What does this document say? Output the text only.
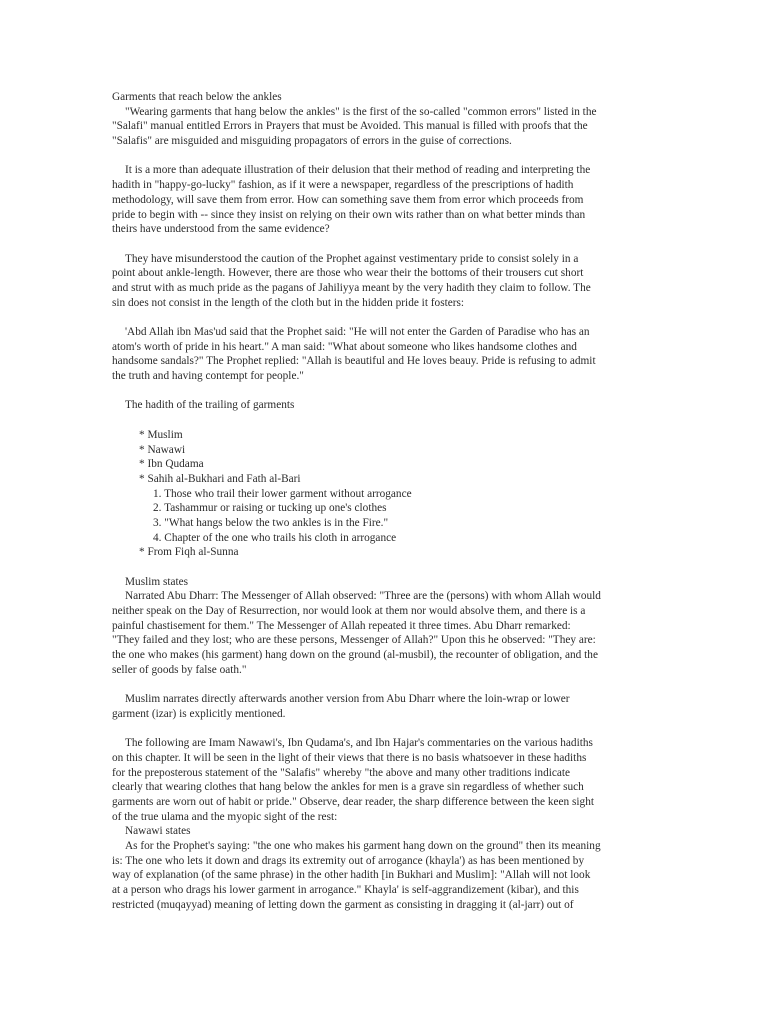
Garments that reach below the ankles
"Wearing garments that hang below the ankles" is the first of the so-called "common errors" listed in the
"Salafi" manual entitled Errors in Prayers that must be Avoided. This manual is filled with proofs that the
"Salafis" are misguided and misguiding propagators of errors in the guise of corrections.
It is a more than adequate illustration of their delusion that their method of reading and interpreting the
hadith in "happy-go-lucky" fashion, as if it were a newspaper, regardless of the prescriptions of hadith
methodology, will save them from error. How can something save them from error which proceeds from
pride to begin with -- since they insist on relying on their own wits rather than on what better minds than
theirs have understood from the same evidence?
They have misunderstood the caution of the Prophet against vestimentary pride to consist solely in a
point about ankle-length. However, there are those who wear their the bottoms of their trousers cut short
and strut with as much pride as the pagans of Jahiliyya meant by the very hadith they claim to follow. The
sin does not consist in the length of the cloth but in the hidden pride it fosters:
'Abd Allah ibn Mas'ud said that the Prophet said: "He will not enter the Garden of Paradise who has an
atom's worth of pride in his heart." A man said: "What about someone who likes handsome clothes and
handsome sandals?" The Prophet replied: "Allah is beautiful and He loves beauy. Pride is refusing to admit
the truth and having contempt for people."
The hadith of the trailing of garments
* Muslim
* Nawawi
* Ibn Qudama
* Sahih al-Bukhari and Fath al-Bari
1. Those who trail their lower garment without arrogance
2. Tashammur or raising or tucking up one's clothes
3. "What hangs below the two ankles is in the Fire."
4. Chapter of the one who trails his cloth in arrogance
* From Fiqh al-Sunna
Muslim states
Narrated Abu Dharr: The Messenger of Allah observed: "Three are the (persons) with whom Allah would
neither speak on the Day of Resurrection, nor would look at them nor would absolve them, and there is a
painful chastisement for them." The Messenger of Allah repeated it three times. Abu Dharr remarked:
"They failed and they lost; who are these persons, Messenger of Allah?" Upon this he observed: "They are:
the one who makes (his garment) hang down on the ground (al-musbil), the recounter of obligation, and the
seller of goods by false oath."
Muslim narrates directly afterwards another version from Abu Dharr where the loin-wrap or lower
garment (izar) is explicitly mentioned.
The following are Imam Nawawi's, Ibn Qudama's, and Ibn Hajar's commentaries on the various hadiths
on this chapter. It will be seen in the light of their views that there is no basis whatsoever in these hadiths
for the preposterous statement of the "Salafis" whereby "the above and many other traditions indicate
clearly that wearing clothes that hang below the ankles for men is a grave sin regardless of whether such
garments are worn out of habit or pride." Observe, dear reader, the sharp difference between the keen sight
of the true ulama and the myopic sight of the rest:
Nawawi states
As for the Prophet's saying: "the one who makes his garment hang down on the ground" then its meaning
is: The one who lets it down and drags its extremity out of arrogance (khayla') as has been mentioned by
way of explanation (of the same phrase) in the other hadith [in Bukhari and Muslim]: "Allah will not look
at a person who drags his lower garment in arrogance." Khayla' is self-aggrandizement (kibar), and this
restricted (muqayyad) meaning of letting down the garment as consisting in dragging it (al-jarr) out of
